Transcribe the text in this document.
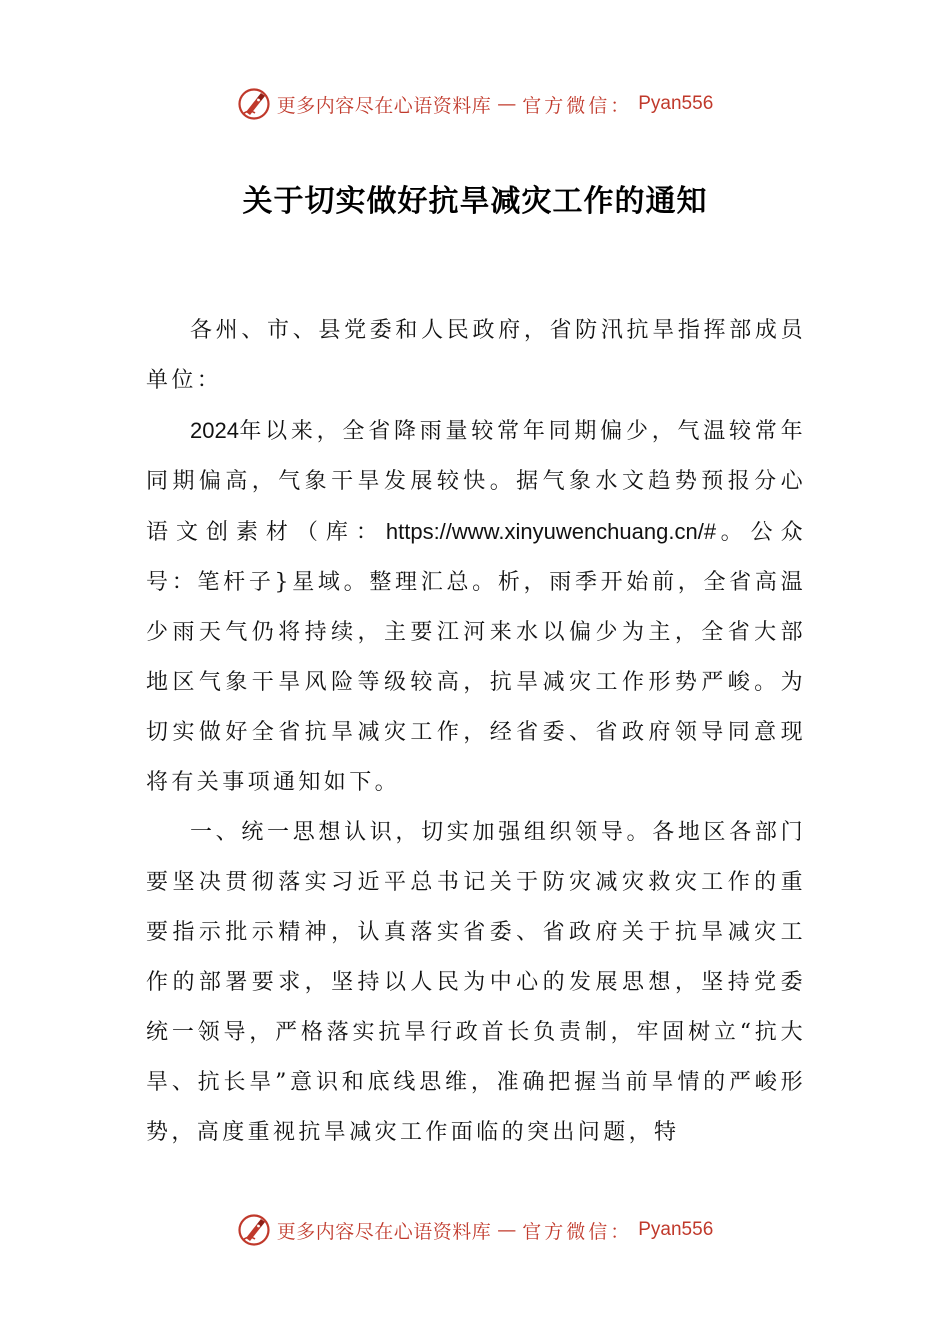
更多内容尽在心语资料库 — 官方微信： Pyan556
关于切实做好抗旱减灾工作的通知

各州、市、县党委和人民政府，省防汛抗旱指挥部成员单位：

2024年以来，全省降雨量较常年同期偏少，气温较常年同期偏高，气象干旱发展较快。据气象水文趋势预报分心语文创素材（库：https://www.xinyuwenchuang.cn/#。公众号：笔杆子}星域。整理汇总。析，雨季开始前，全省高温少雨天气仍将持续，主要江河来水以偏少为主，全省大部地区气象干旱风险等级较高，抗旱减灾工作形势严峻。为切实做好全省抗旱减灾工作，经省委、省政府领导同意现将有关事项通知如下。

一、统一思想认识，切实加强组织领导。各地区各部门要坚决贯彻落实习近平总书记关于防灾减灾救灾工作的重要指示批示精神，认真落实省委、省政府关于抗旱减灾工作的部署要求，坚持以人民为中心的发展思想，坚持党委统一领导，严格落实抗旱行政首长负责制，牢固树立“抗大旱、抗长旱”意识和底线思维，准确把握当前旱情的严峻形势，高度重视抗旱减灾工作面临的突出问题，特

更多内容尽在心语资料库 — 官方微信： Pyan556
